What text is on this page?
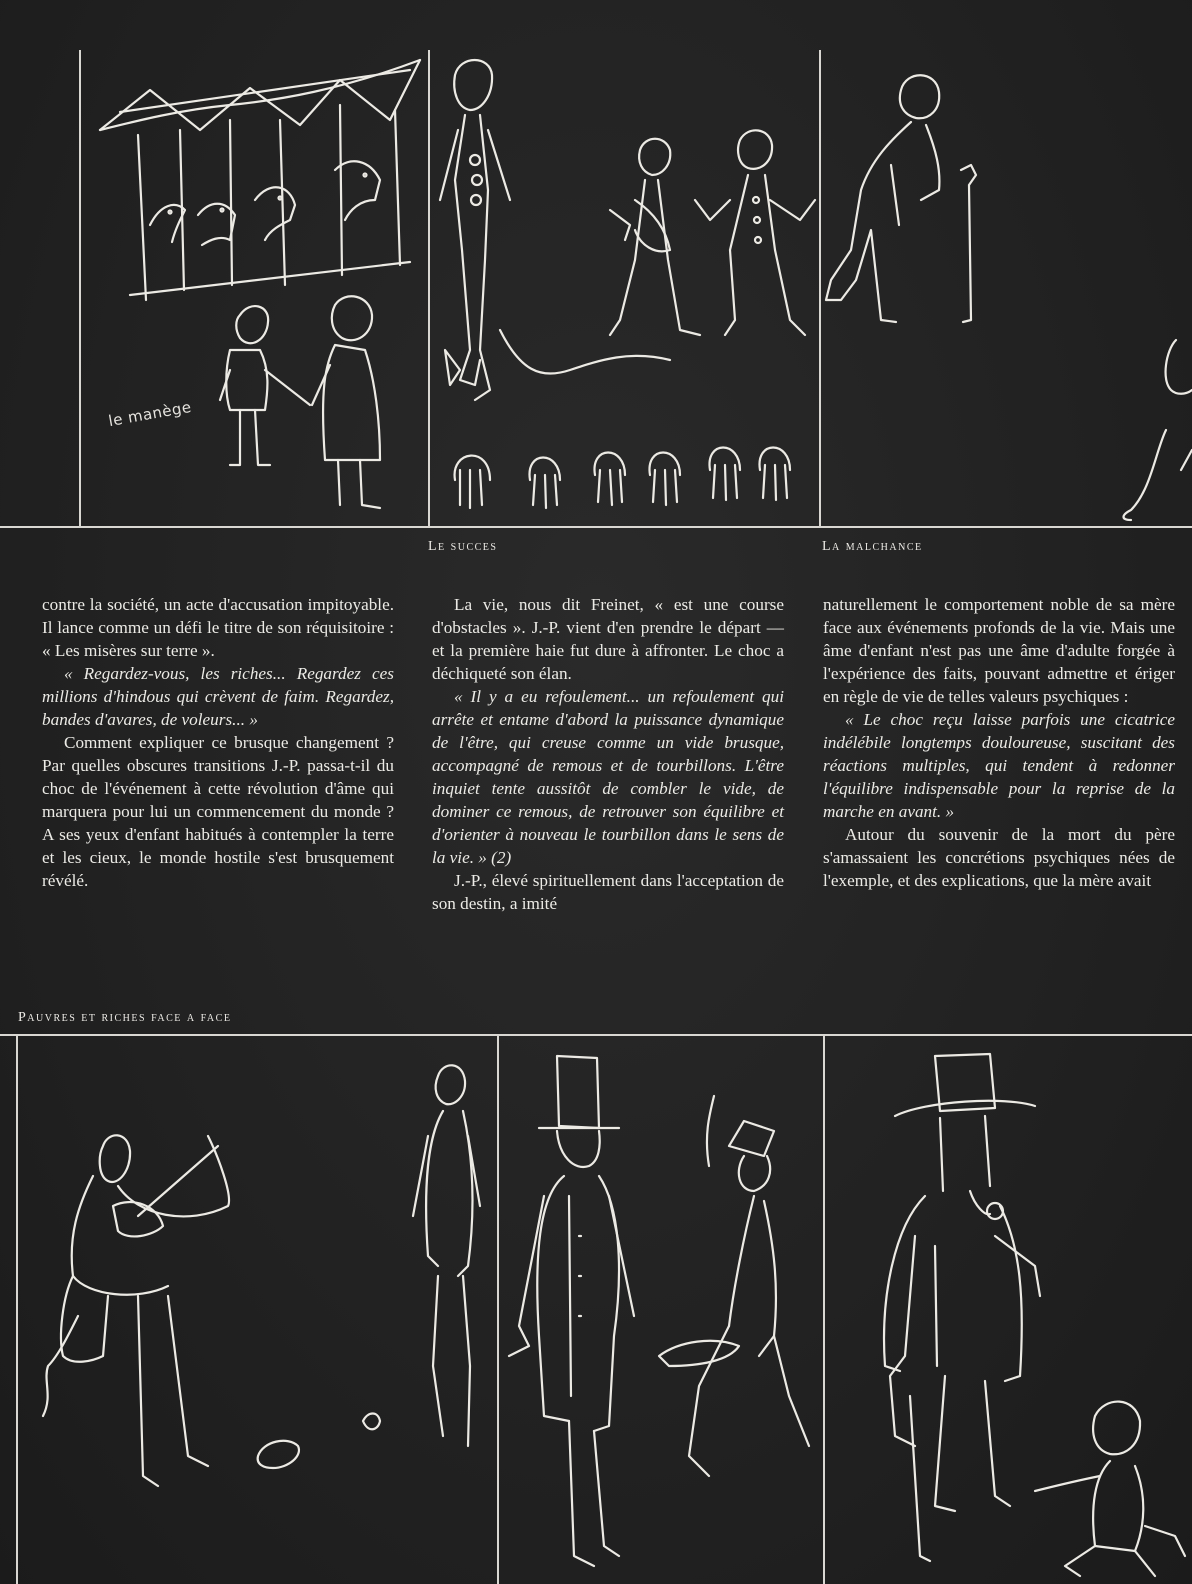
le manège
Le succes	La malchance

contre la société, un acte d'accusation impitoyable. Il lance comme un défi le titre de son réquisitoire : « Les misères sur terre ».

« Regardez-vous, les riches... Regardez ces millions d'hindous qui crèvent de faim. Regardez, bandes d'avares, de voleurs... »

Comment expliquer ce brusque changement ? Par quelles obscures transitions J.-P. passa-t-il du choc de l'événement à cette révolution d'âme qui marquera pour lui un commencement du monde ? A ses yeux d'enfant habitués à contempler la terre et les cieux, le monde hostile s'est brusquement révélé.

La vie, nous dit Freinet, « est une course d'obstacles ». J.-P. vient d'en prendre le départ — et la première haie fut dure à affronter. Le choc a déchiqueté son élan.

« Il y a eu refoulement... un refoulement qui arrête et entame d'abord la puissance dynamique de l'être, qui creuse comme un vide brusque, accompagné de remous et de tourbillons. L'être inquiet tente aussitôt de combler le vide, de dominer ce remous, de retrouver son équilibre et d'orienter à nouveau le tourbillon dans le sens de la vie. » (2)

J.-P., élevé spirituellement dans l'acceptation de son destin, a imité

naturellement le comportement noble de sa mère face aux événements profonds de la vie. Mais une âme d'enfant n'est pas une âme d'adulte forgée à l'expérience des faits, pouvant admettre et ériger en règle de vie de telles valeurs psychiques :

« Le choc reçu laisse parfois une cicatrice indélébile longtemps douloureuse, suscitant des réactions multiples, qui tendent à redonner l'équilibre indispensable pour la reprise de la marche en avant. »

Autour du souvenir de la mort du père s'amassaient les concrétions psychiques nées de l'exemple, et des explications, que la mère avait

Pauvres et riches face a face
